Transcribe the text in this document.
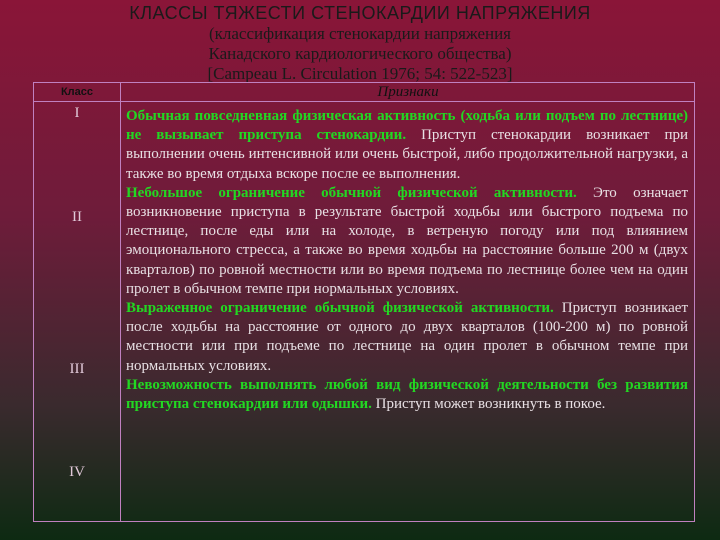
КЛАССЫ ТЯЖЕСТИ СТЕНОКАРДИИ НАПРЯЖЕНИЯ
(классификация стенокардии напряжения
Канадского кардиологического общества)
[Campeau L. Circulation 1976; 54: 522-523]
Класс	Признаки
I
II
III
IV

Обычная повседневная физическая активность (ходьба или подъем по лестнице) не вызывает приступа стенокардии. Приступ стенокардии возникает при выполнении очень интенсивной или очень быстрой, либо продолжительной нагрузки, а также во время отдыха вскоре после ее выполнения.

Небольшое ограничение обычной физической активности. Это означает возникновение приступа в результате быстрой ходьбы или быстрого подъема по лестнице, после еды или на холоде, в ветреную погоду или под влиянием эмоционального стресса, а также во время ходьбы на расстояние больше 200 м (двух кварталов) по ровной местности или во время подъема по лестнице более чем на один пролет в обычном темпе при нормальных условиях.

Выраженное ограничение обычной физической активности. Приступ возникает после ходьбы на расстояние от одного до двух кварталов (100-200 м) по ровной местности или при подъеме по лестнице на один пролет в обычном темпе при нормальных условиях.

Невозможность выполнять любой вид физической деятельности без развития приступа стенокардии или одышки. Приступ может возникнуть в покое.
